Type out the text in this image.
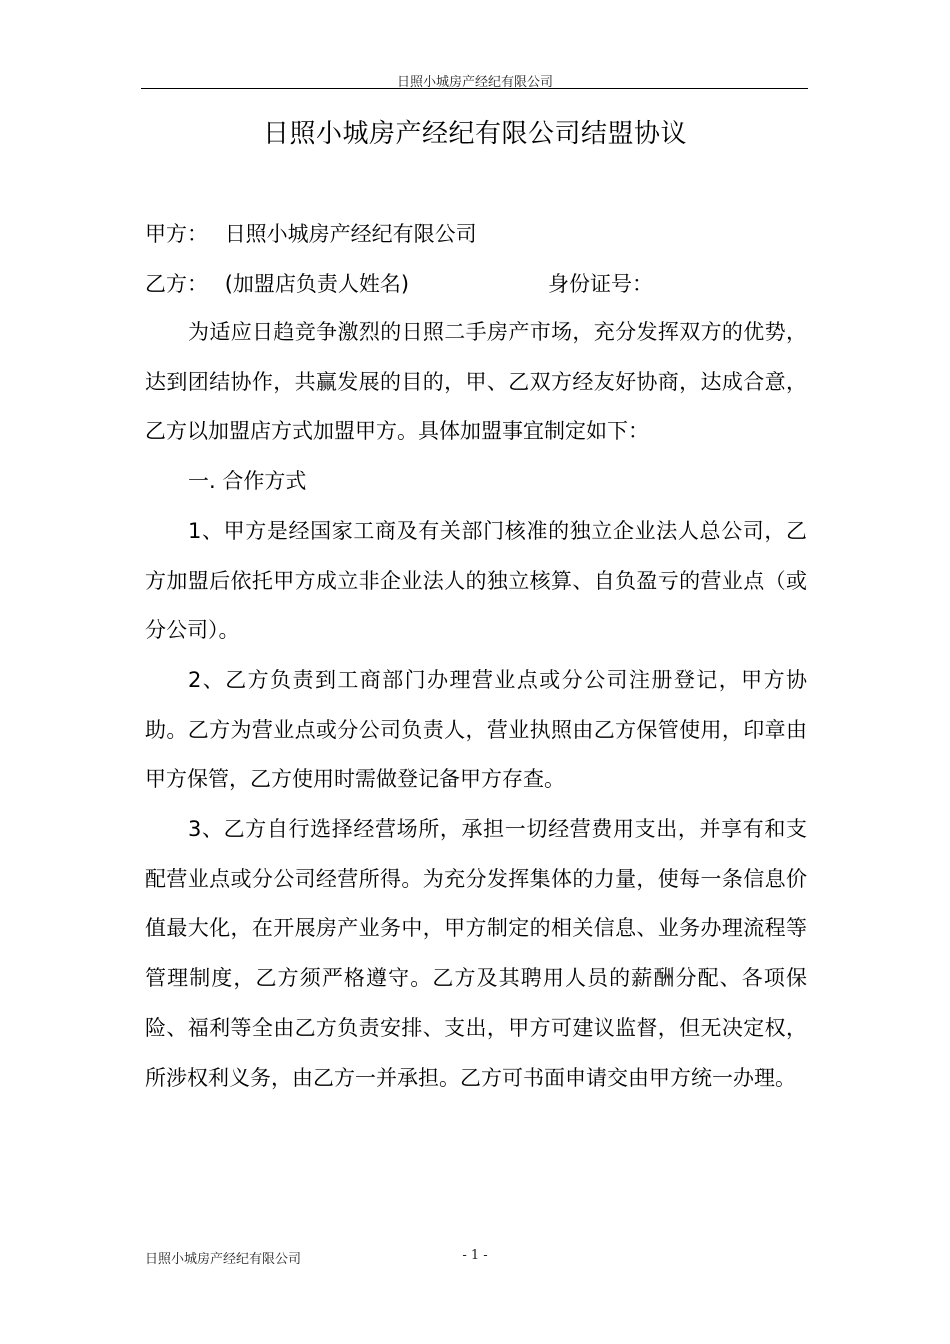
日照小城房产经纪有限公司
日照小城房产经纪有限公司结盟协议
甲方： 日照小城房产经纪有限公司
乙方： (加盟店负责人姓名)	身份证号：

为适应日趋竞争激烈的日照二手房产市场，充分发挥双方的优势，达到团结协作，共赢发展的目的，甲、乙双方经友好协商，达成合意，乙方以加盟店方式加盟甲方。具体加盟事宜制定如下：

一. 合作方式

1、甲方是经国家工商及有关部门核准的独立企业法人总公司，乙方加盟后依托甲方成立非企业法人的独立核算、自负盈亏的营业点（或分公司）。

2、乙方负责到工商部门办理营业点或分公司注册登记，甲方协助。乙方为营业点或分公司负责人，营业执照由乙方保管使用，印章由甲方保管，乙方使用时需做登记备甲方存查。

3、乙方自行选择经营场所，承担一切经营费用支出，并享有和支配营业点或分公司经营所得。为充分发挥集体的力量，使每一条信息价值最大化，在开展房产业务中，甲方制定的相关信息、业务办理流程等管理制度，乙方须严格遵守。乙方及其聘用人员的薪酬分配、各项保险、福利等全由乙方负责安排、支出，甲方可建议监督，但无决定权，所涉权利义务，由乙方一并承担。乙方可书面申请交由甲方统一办理。

日照小城房产经纪有限公司	- 1 -
